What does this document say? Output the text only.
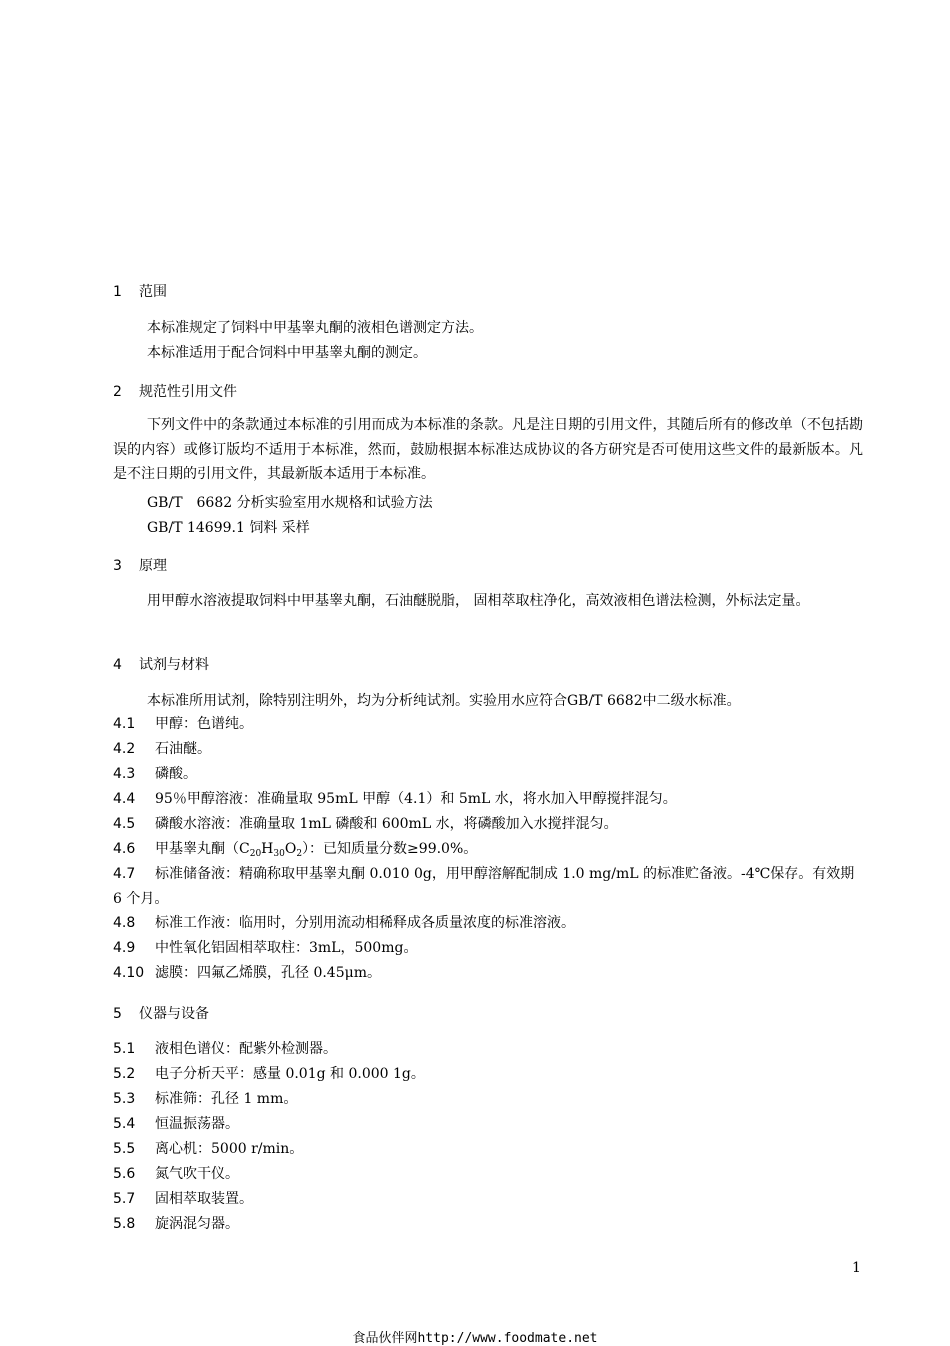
1 范围
本标准规定了饲料中甲基睾丸酮的液相色谱测定方法。
本标准适用于配合饲料中甲基睾丸酮的测定。
2 规范性引用文件
下列文件中的条款通过本标准的引用而成为本标准的条款。凡是注日期的引用文件，其随后所有的修改单（不包括勘误的内容）或修订版均不适用于本标准，然而，鼓励根据本标准达成协议的各方研究是否可使用这些文件的最新版本。凡是不注日期的引用文件，其最新版本适用于本标准。
GB/T　6682 分析实验室用水规格和试验方法
GB/T 14699.1 饲料 采样
3 原理
用甲醇水溶液提取饲料中甲基睾丸酮，石油醚脱脂， 固相萃取柱净化，高效液相色谱法检测，外标法定量。
4 试剂与材料
本标准所用试剂，除特别注明外，均为分析纯试剂。实验用水应符合GB/T 6682中二级水标准。
4.1 甲醇：色谱纯。
4.2 石油醚。
4.3 磷酸。
4.4 95％甲醇溶液：准确量取 95mL 甲醇（4.1）和 5mL 水，将水加入甲醇搅拌混匀。
4.5 磷酸水溶液：准确量取 1mL 磷酸和 600mL 水，将磷酸加入水搅拌混匀。
4.6 甲基睾丸酮$(C_{20}H_{30}O_2)$：已知质量分数≥99.0%。
4.7 标准储备液：精确称取甲基睾丸酮 0.010 0g，用甲醇溶解配制成 1.0 mg/mL 的标准贮备液。-4℃保存。有效期 6 个月。
4.8 标准工作液：临用时，分别用流动相稀释成各质量浓度的标准溶液。
4.9 中性氧化铝固相萃取柱：3mL，500mg。
4.10 滤膜：四氟乙烯膜，孔径 0.45μm。
5 仪器与设备
5.1 液相色谱仪：配紫外检测器。
5.2 电子分析天平：感量 0.01g 和 0.000 1g。
5.3 标准筛：孔径 1 mm。
5.4 恒温振荡器。
5.5 离心机：5000 r/min。
5.6 氮气吹干仪。
5.7 固相萃取装置。
5.8 旋涡混匀器。
1
食品伙伴网http://www.foodmate.net
